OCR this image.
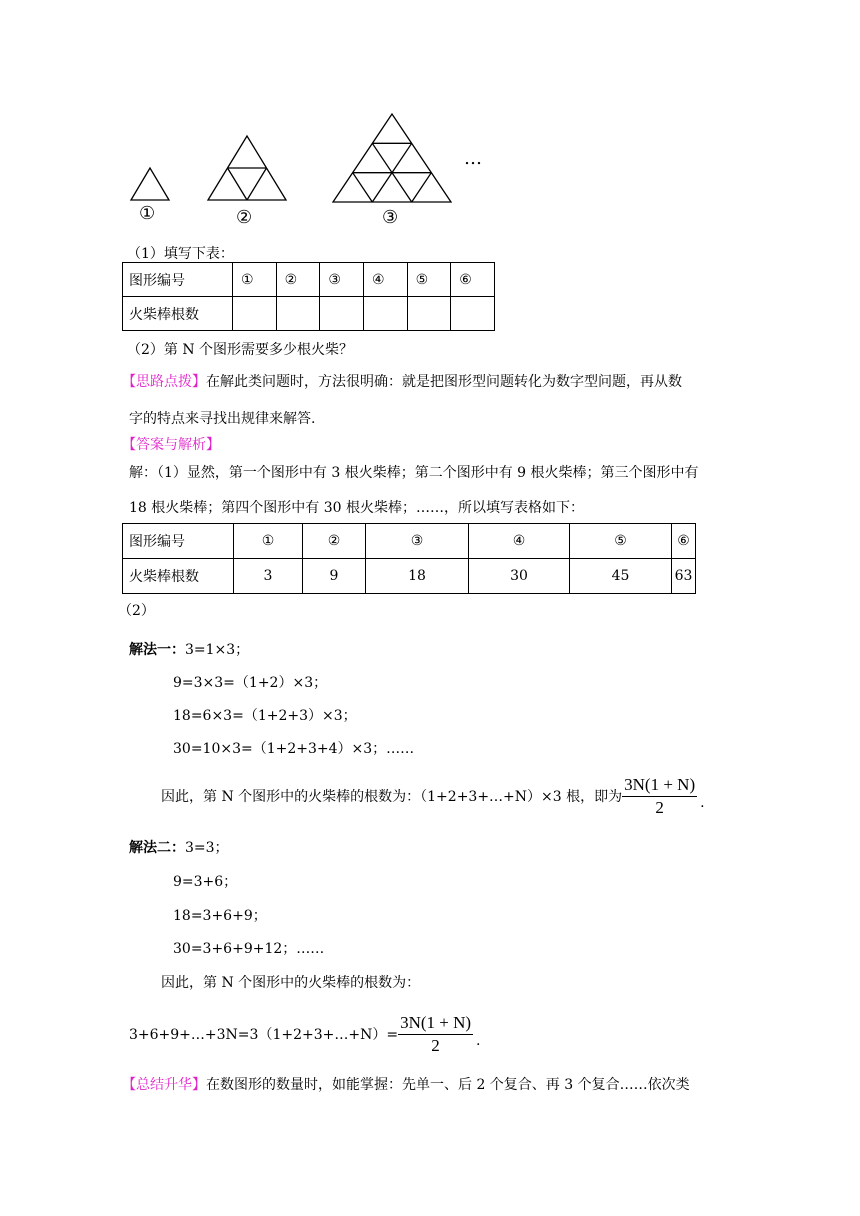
①	②	③
…
（1）填写下表：
图形编号	①	②	③	④	⑤	⑥
火柴棒根数						
（2）第 N 个图形需要多少根火柴？
【思路点拨】在解此类问题时，方法很明确：就是把图形型问题转化为数字型问题，再从数
字的特点来寻找出规律来解答.
【答案与解析】
解：（1）显然，第一个图形中有 3 根火柴棒；第二个图形中有 9 根火柴棒；第三个图形中有
18 根火柴棒；第四个图形中有 30 根火柴棒；……，所以填写表格如下：
图形编号	①	②	③	④	⑤	⑥
火柴棒根数	3	9	18	30	45	63
（2）
解法一：3=1×3；
9=3×3=（1+2）×3；
18=6×3=（1+2+3）×3；
30=10×3=（1+2+3+4）×3；……
因此，第 N 个图形中的火柴棒的根数为：（1+2+3+…+N）×3 根，即为 $\frac{3N(1 + N)}{2}$ .
解法二：3=3；
9=3+6；
18=3+6+9；
30=3+6+9+12；……
因此，第 N 个图形中的火柴棒的根数为：
3+6+9+…+3N=3（1+2+3+…+N）= $\frac{3N(1 + N)}{2}$ .
【总结升华】在数图形的数量时，如能掌握：先单一、后 2 个复合、再 3 个复合……依次类
